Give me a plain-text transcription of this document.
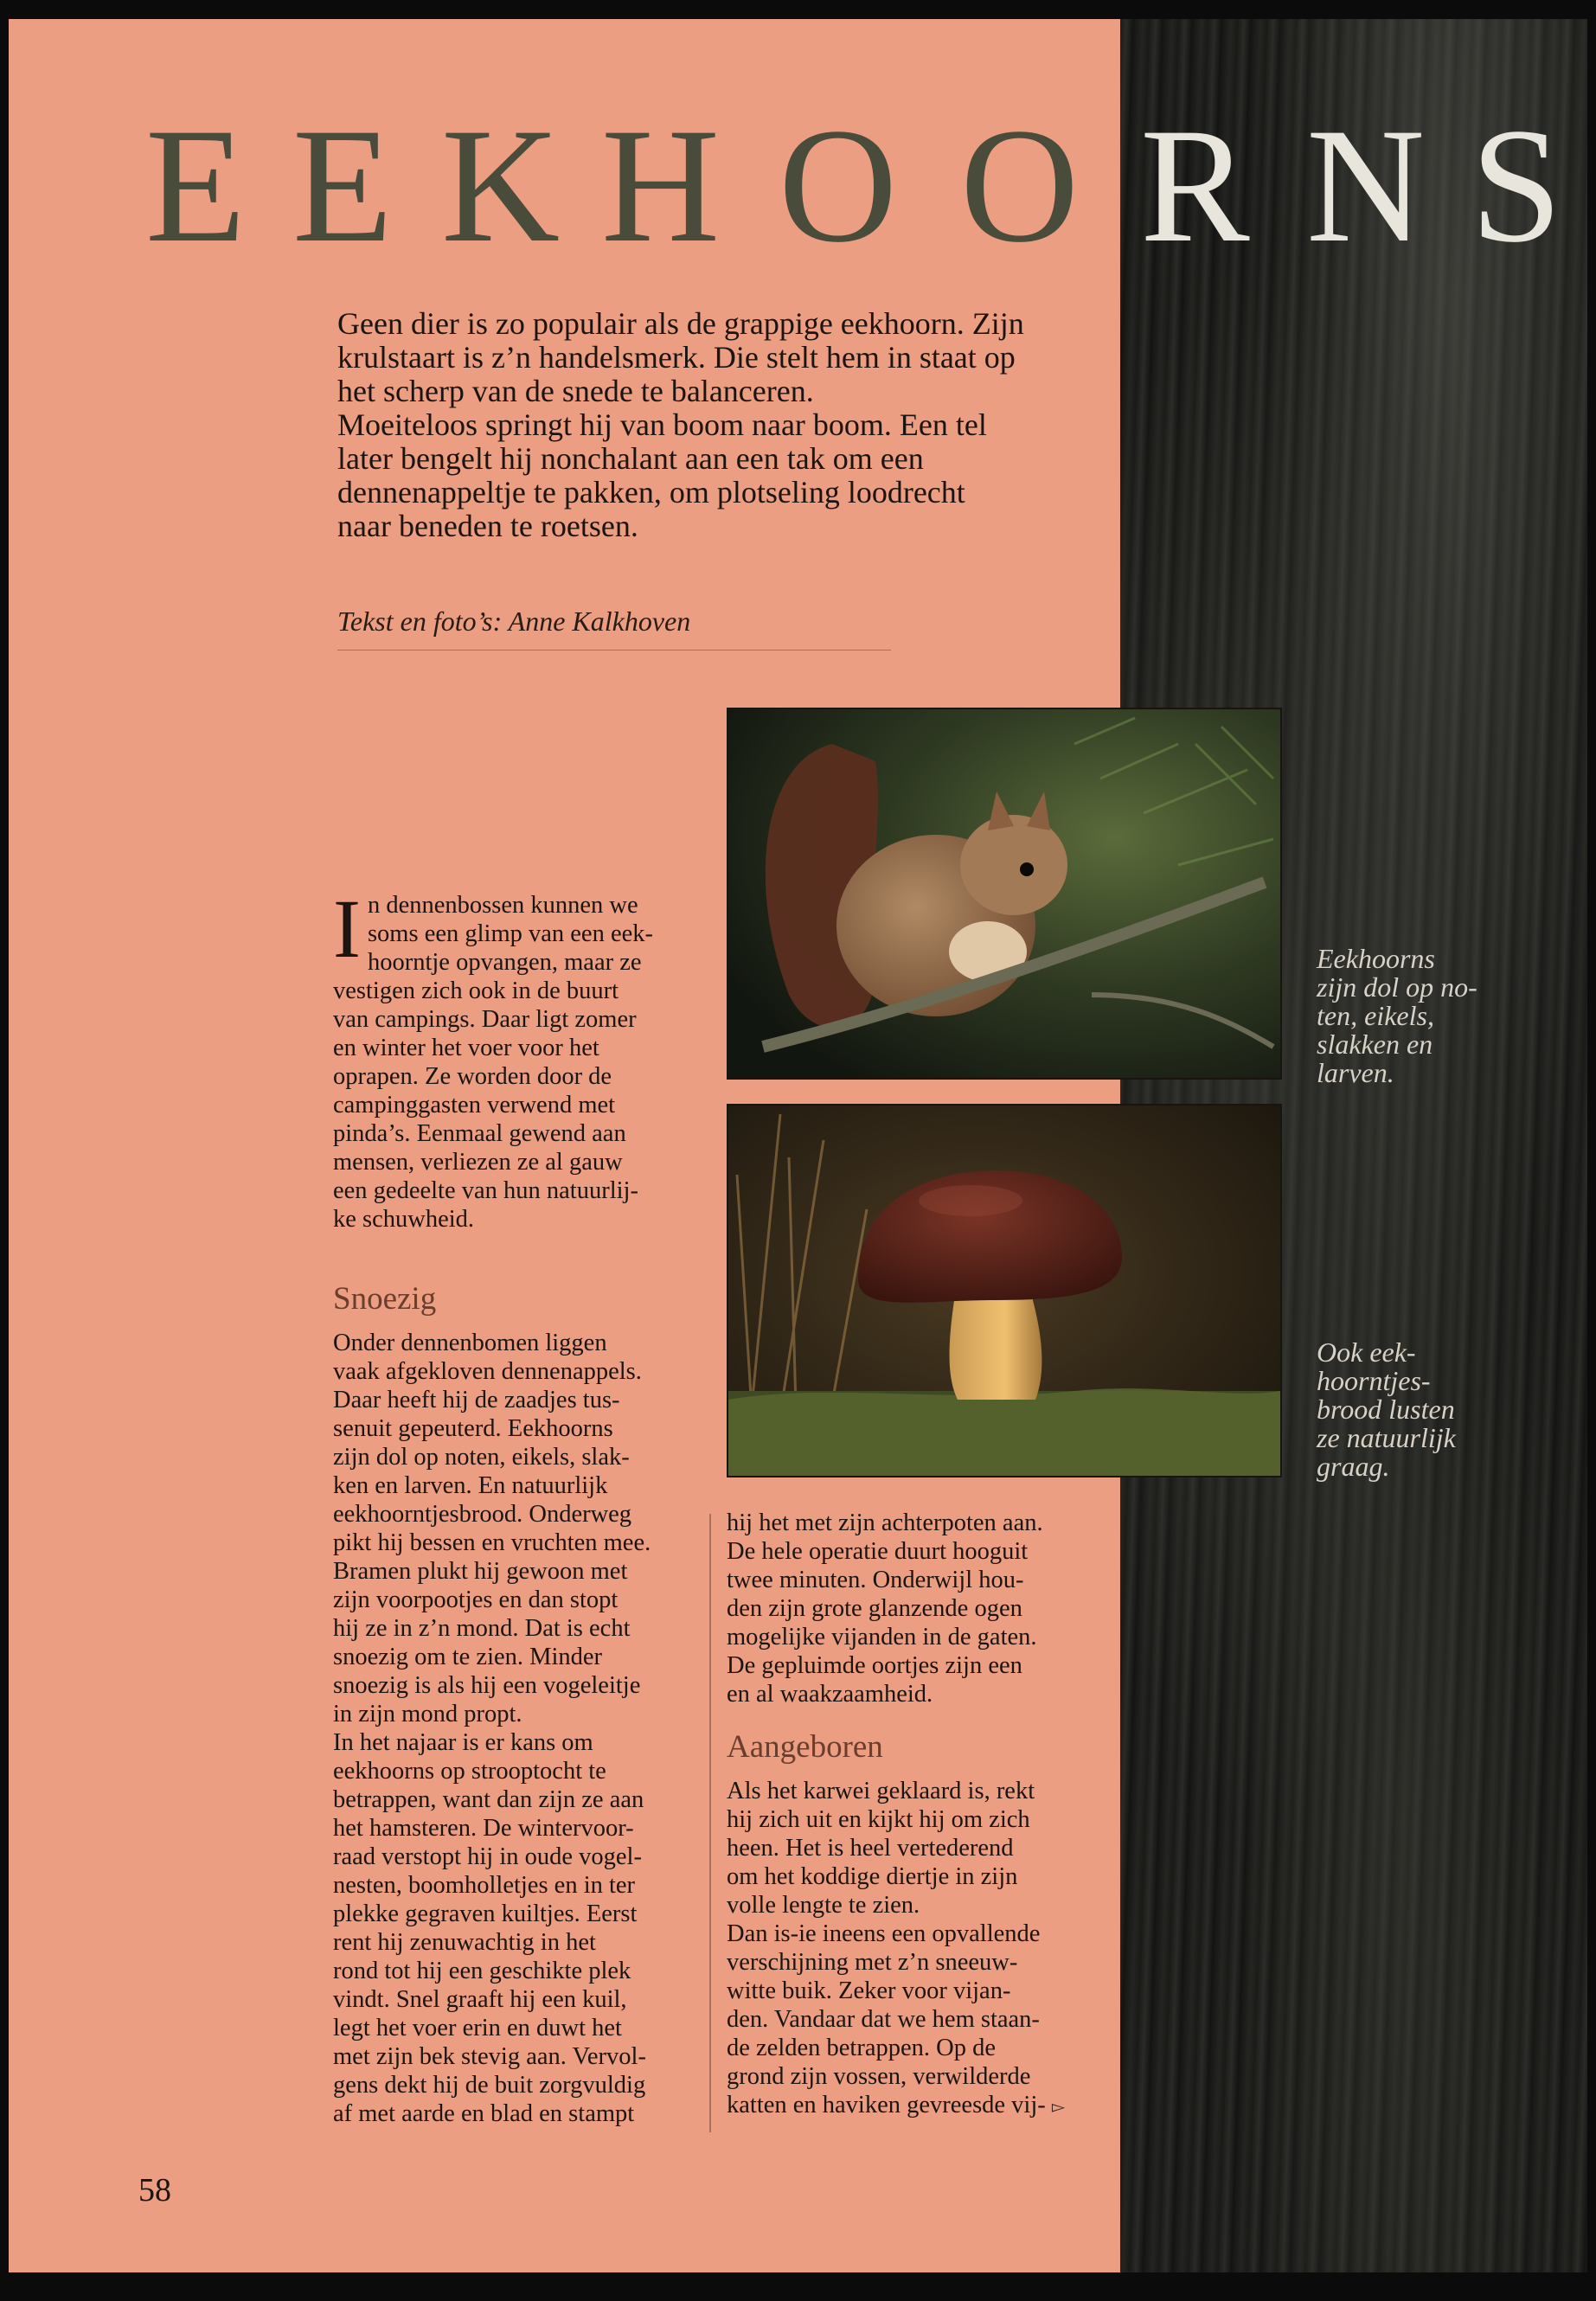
E E K H O O R N S

Geen dier is zo populair als de grappige eekhoorn. Zijn

krulstaart is z’n handelsmerk. Die stelt hem in staat op

het scherp van de snede te balanceren.

Moeiteloos springt hij van boom naar boom. Een tel

later bengelt hij nonchalant aan een tak om een

dennenappeltje te pakken, om plotseling loodrecht

naar beneden te roetsen.

Tekst en foto’s: Anne Kalkhoven
Eekhoorns
zijn dol op no-
ten, eikels,
slakken en
larven.
Ook eek-
hoorntjes-
brood lusten
ze natuurlijk
graag.
I n dennenbossen kunnen we

soms een glimp van een eek-

hoorntje opvangen, maar ze

vestigen zich ook in de buurt

van campings. Daar ligt zomer

en winter het voer voor het

oprapen. Ze worden door de

campinggasten verwend met

pinda’s. Eenmaal gewend aan

mensen, verliezen ze al gauw

een gedeelte van hun natuurlij-

ke schuwheid.

Snoezig

Onder dennenbomen liggen

vaak afgekloven dennenappels.

Daar heeft hij de zaadjes tus-

senuit gepeuterd. Eekhoorns

zijn dol op noten, eikels, slak-

ken en larven. En natuurlijk

eekhoorntjesbrood. Onderweg

pikt hij bessen en vruchten mee.

Bramen plukt hij gewoon met

zijn voorpootjes en dan stopt

hij ze in z’n mond. Dat is echt

snoezig om te zien. Minder

snoezig is als hij een vogeleitje

in zijn mond propt.

In het najaar is er kans om

eekhoorns op strooptocht te

betrappen, want dan zijn ze aan

het hamsteren. De wintervoor-

raad verstopt hij in oude vogel-

nesten, boomholletjes en in ter

plekke gegraven kuiltjes. Eerst

rent hij zenuwachtig in het

rond tot hij een geschikte plek

vindt. Snel graaft hij een kuil,

legt het voer erin en duwt het

met zijn bek stevig aan. Vervol-

gens dekt hij de buit zorgvuldig

af met aarde en blad en stampt

hij het met zijn achterpoten aan.

De hele operatie duurt hooguit

twee minuten. Onderwijl hou-

den zijn grote glanzende ogen

mogelijke vijanden in de gaten.

De gepluimde oortjes zijn een

en al waakzaamheid.

Aangeboren

Als het karwei geklaard is, rekt

hij zich uit en kijkt hij om zich

heen. Het is heel vertederend

om het koddige diertje in zijn

volle lengte te zien.

Dan is-ie ineens een opvallende

verschijning met z’n sneeuw-

witte buik. Zeker voor vijan-

den. Vandaar dat we hem staan-

de zelden betrappen. Op de

grond zijn vossen, verwilderde

katten en haviken gevreesde vij- ▻

58
